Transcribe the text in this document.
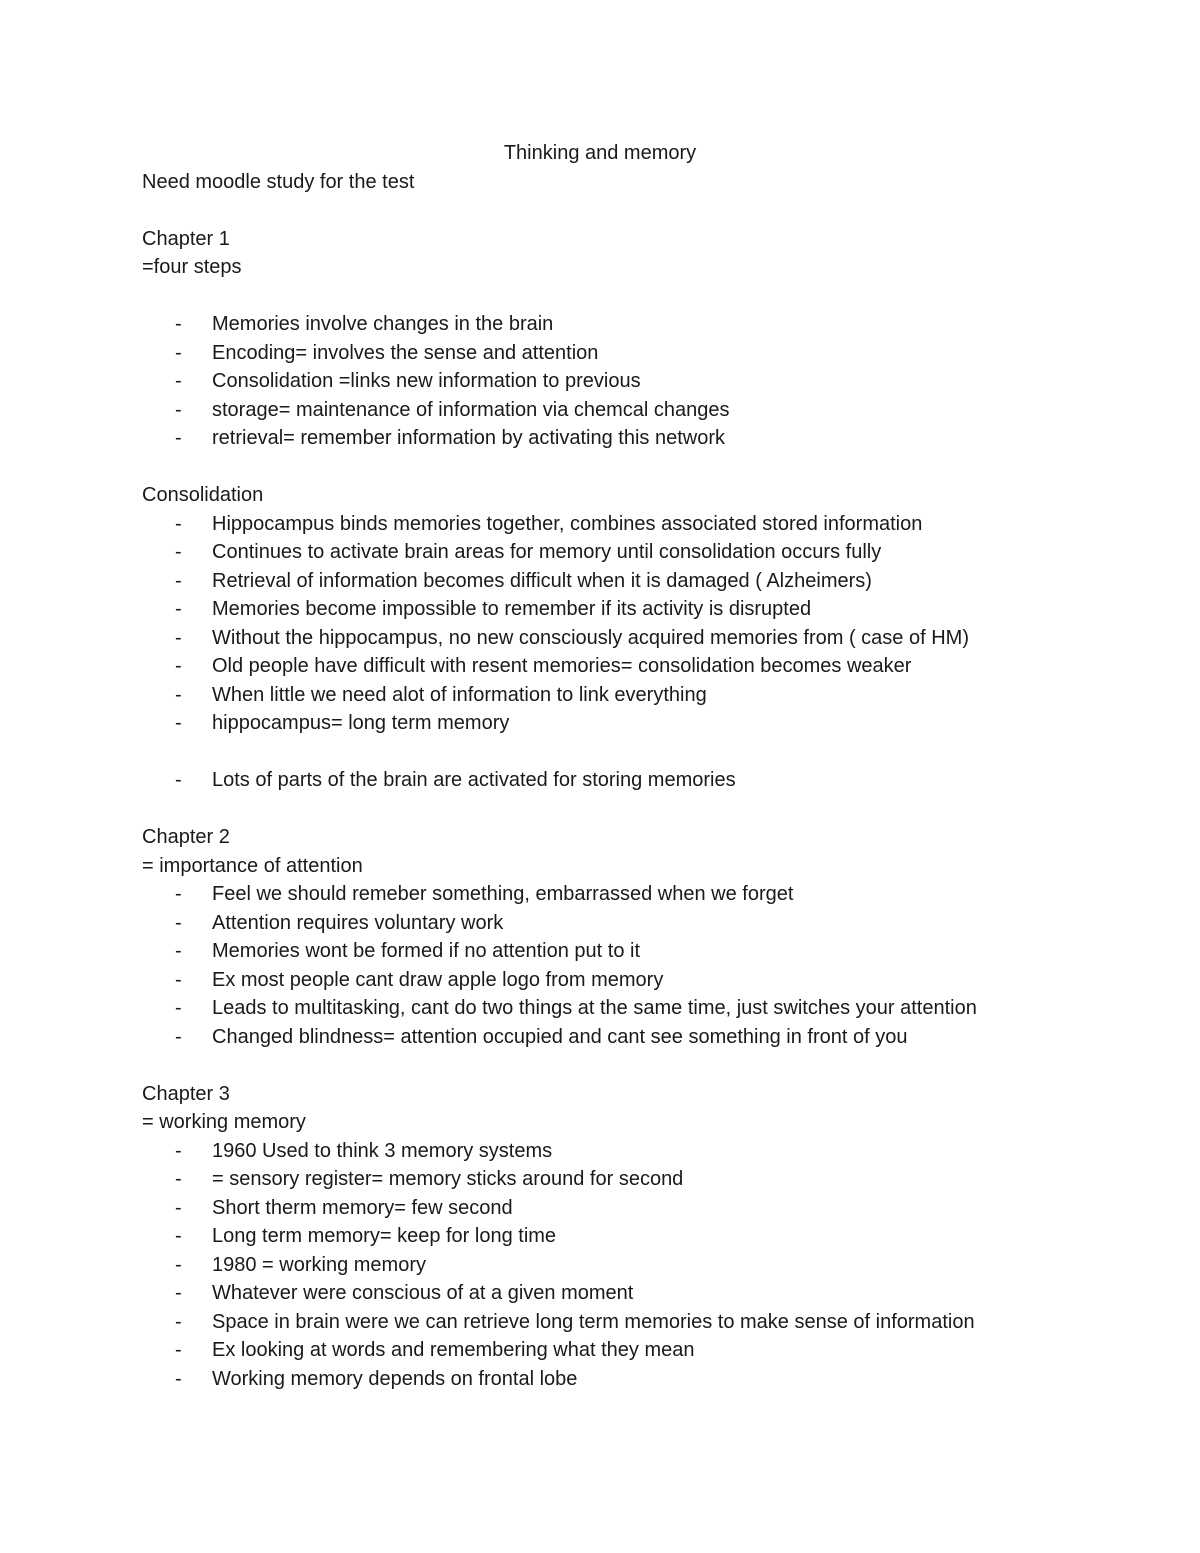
Thinking and memory

Need moodle study for the test

Chapter 1

=four steps

- Memories involve changes in the brain
- Encoding= involves the sense and attention
- Consolidation =links new information to previous
- storage= maintenance of information via chemcal changes
- retrieval= remember information by activating this network

Consolidation

- Hippocampus binds memories together, combines associated stored information
- Continues to activate brain areas for memory until consolidation occurs fully
- Retrieval of information becomes difficult when it is damaged ( Alzheimers)
- Memories become impossible to remember if its activity is disrupted
- Without the hippocampus, no new consciously acquired memories from ( case of HM)
- Old people have difficult with resent memories= consolidation becomes weaker
- When little we need alot of information to link everything
- hippocampus= long term memory
- Lots of parts of the brain are activated for storing memories

Chapter 2

= importance of attention

- Feel we should remeber something, embarrassed when we forget
- Attention requires voluntary work
- Memories wont be formed if no attention put to it
- Ex most people cant draw apple logo from memory
- Leads to multitasking, cant do two things at the same time, just switches your attention
- Changed blindness= attention occupied and cant see something in front of you

Chapter 3

= working memory

- 1960 Used to think 3 memory systems
- = sensory register= memory sticks around for second
- Short therm memory= few second
- Long term memory= keep for long time
- 1980 = working memory
- Whatever were conscious of at a given moment
- Space in brain were we can retrieve long term memories to make sense of information
- Ex looking at words and remembering what they mean
- Working memory depends on frontal lobe
